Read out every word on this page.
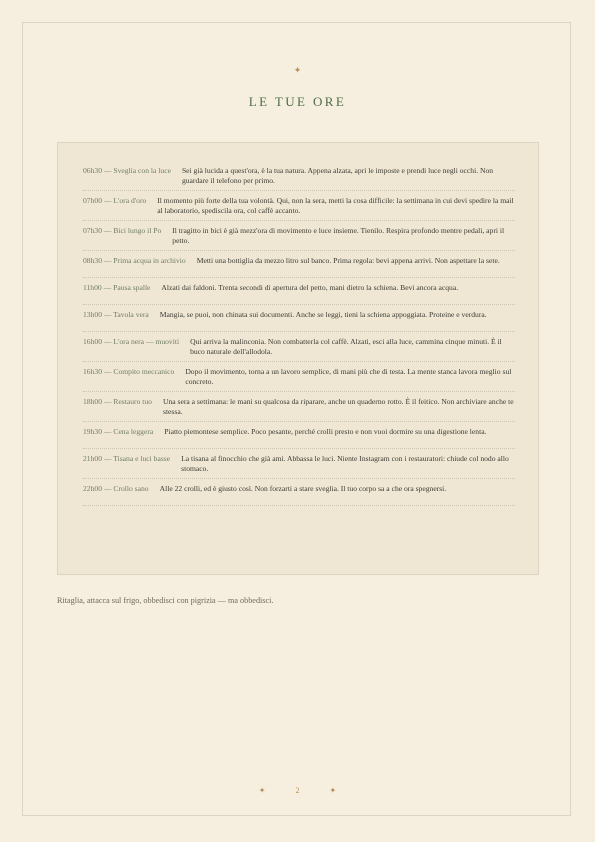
✦
LE TUE ORE
06h30 — Sveglia con la luce Sei già lucida a quest'ora, è la tua natura. Appena alzata, apri le imposte e prendi luce negli occhi. Non guardare il telefono per primo.
07h00 — L'ora d'oro Il momento più forte della tua volontà. Qui, non la sera, metti la cosa difficile: la settimana in cui devi spedire la mail al laboratorio, spediscila ora, col caffè accanto.
07h30 — Bici lungo il Po Il tragitto in bici è già mezz'ora di movimento e luce insieme. Tienilo. Respira profondo mentre pedali, apri il petto.
08h30 — Prima acqua in archivio Metti una bottiglia da mezzo litro sul banco. Prima regola: bevi appena arrivi. Non aspettare la sete.
11h00 — Pausa spalle Alzati dai faldoni. Trenta secondi di apertura del petto, mani dietro la schiena. Bevi ancora acqua.
13h00 — Tavola vera Mangia, se puoi, non chinata sui documenti. Anche se leggi, tieni la schiena appoggiata. Proteine e verdura.
16h00 — L'ora nera — muoviti Qui arriva la malinconia. Non combatterla col caffè. Alzati, esci alla luce, cammina cinque minuti. È il buco naturale dell'allodola.
16h30 — Compito meccanico Dopo il movimento, torna a un lavoro semplice, di mani più che di testa. La mente stanca lavora meglio sul concreto.
18h00 — Restauro tuo Una sera a settimana: le mani su qualcosa da riparare, anche un quaderno rotto. È il feitico. Non archiviare anche te stessa.
19h30 — Cena leggera Piatto piemontese semplice. Poco pesante, perché crolli presto e non vuoi dormire su una digestione lenta.
21h00 — Tisana e luci basse La tisana al finocchio che già ami. Abbassa le luci. Niente Instagram con i restauratori: chiude col nodo allo stomaco.
22h00 — Crollo sano Alle 22 crolli, ed è giusto così. Non forzarti a stare sveglia. Il tuo corpo sa a che ora spegnersi.
Ritaglia, attacca sul frigo, obbedisci con pigrizia — ma obbedisci.
✦	2	✦
